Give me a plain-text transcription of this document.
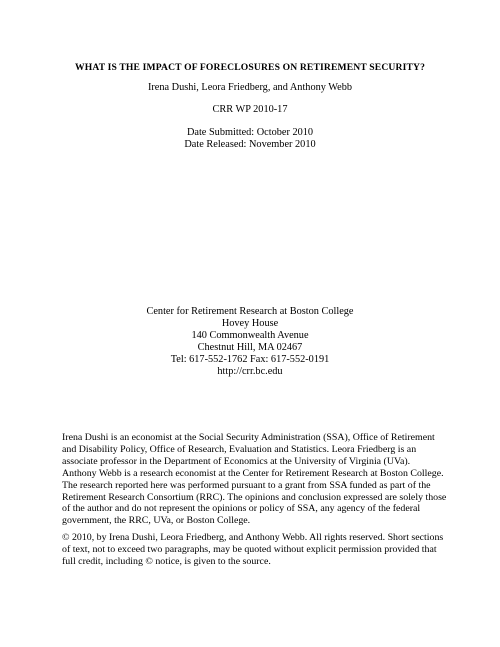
WHAT IS THE IMPACT OF FORECLOSURES ON RETIREMENT SECURITY?
Irena Dushi, Leora Friedberg, and Anthony Webb
CRR WP 2010-17
Date Submitted: October 2010
Date Released: November 2010
Center for Retirement Research at Boston College
Hovey House
140 Commonwealth Avenue
Chestnut Hill, MA 02467
Tel: 617-552-1762 Fax: 617-552-0191
http://crr.bc.edu
Irena Dushi is an economist at the Social Security Administration (SSA), Office of Retirement
and Disability Policy, Office of Research, Evaluation and Statistics. Leora Friedberg is an
associate professor in the Department of Economics at the University of Virginia (UVa).
Anthony Webb is a research economist at the Center for Retirement Research at Boston College.
The research reported here was performed pursuant to a grant from SSA funded as part of the
Retirement Research Consortium (RRC). The opinions and conclusion expressed are solely those
of the author and do not represent the opinions or policy of SSA, any agency of the federal
government, the RRC, UVa, or Boston College.
© 2010, by Irena Dushi, Leora Friedberg, and Anthony Webb. All rights reserved. Short sections
of text, not to exceed two paragraphs, may be quoted without explicit permission provided that
full credit, including © notice, is given to the source.
